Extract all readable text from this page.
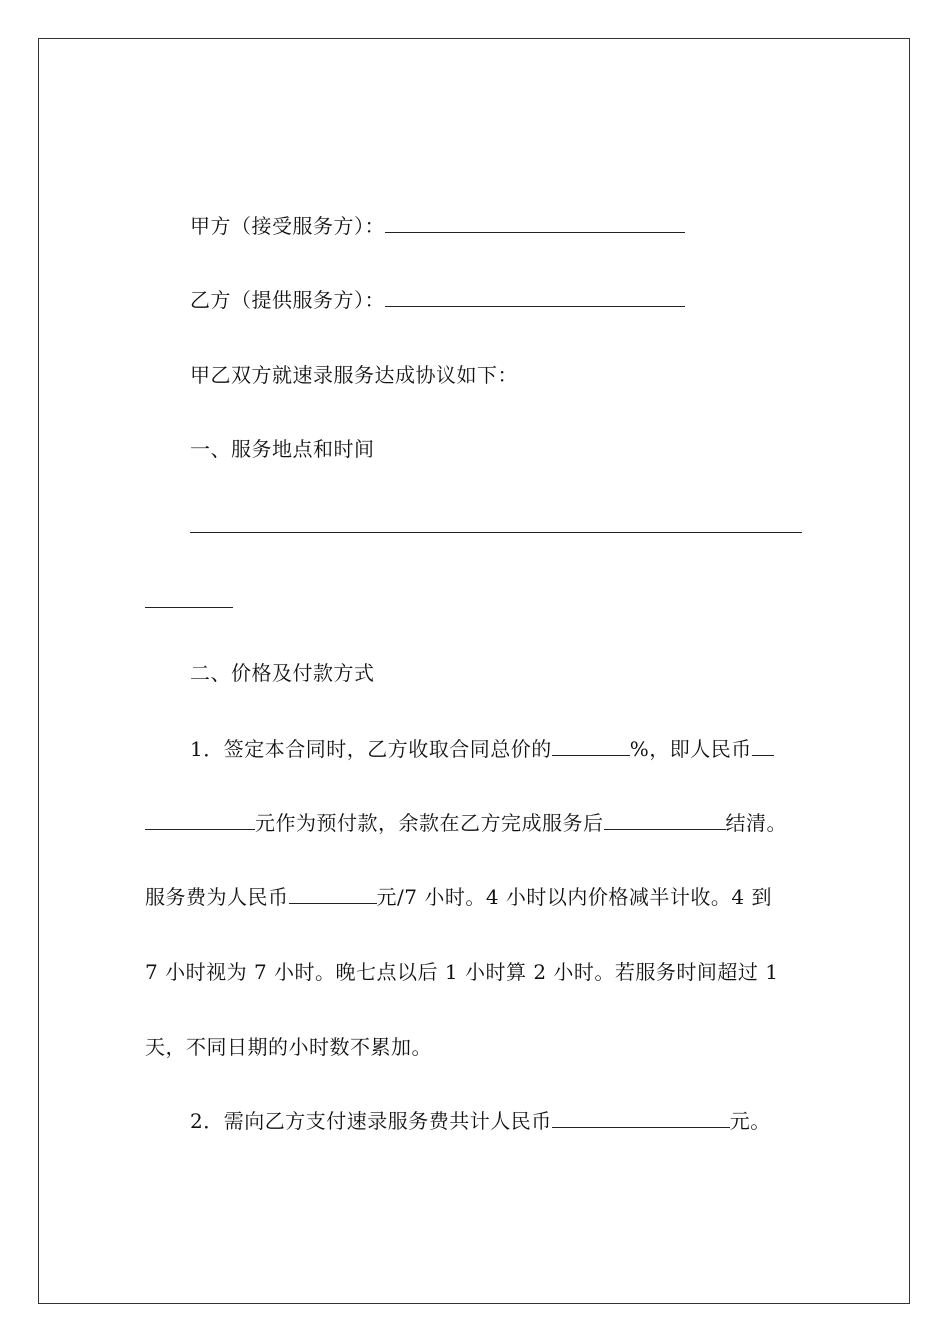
甲方（接受服务方）：
乙方（提供服务方）：
甲乙双方就速录服务达成协议如下：
一、服务地点和时间
二、价格及付款方式
1．签定本合同时，乙方收取合同总价的	%，即人民币
元作为预付款，余款在乙方完成服务后	结清。
服务费为人民币	元/7 小时。4 小时以内价格减半计收。4 到
7 小时视为 7 小时。晚七点以后 1 小时算 2 小时。若服务时间超过 1
天，不同日期的小时数不累加。
2．需向乙方支付速录服务费共计人民币	元。
